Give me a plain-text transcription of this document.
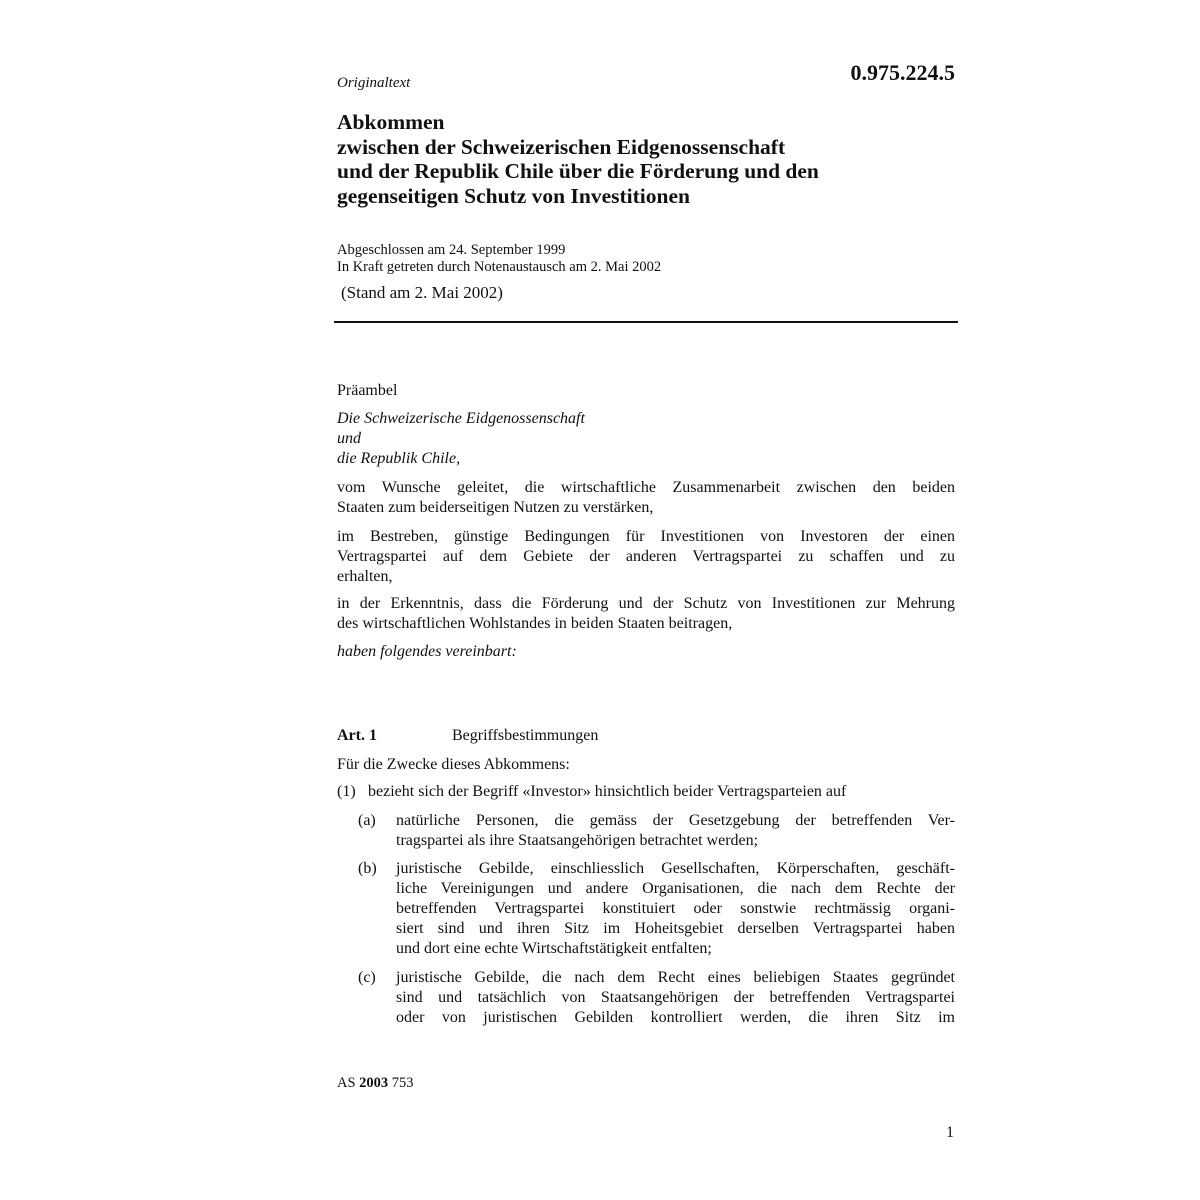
0.975.224.5
Originaltext
Abkommen
zwischen der Schweizerischen Eidgenossenschaft
und der Republik Chile über die Förderung und den
gegenseitigen Schutz von Investitionen
Abgeschlossen am 24. September 1999
In Kraft getreten durch Notenaustausch am 2. Mai 2002
(Stand am 2. Mai 2002)
Präambel
Die Schweizerische Eidgenossenschaft
und
die Republik Chile,
vom Wunsche geleitet, die wirtschaftliche Zusammenarbeit zwischen den beiden
Staaten zum beiderseitigen Nutzen zu verstärken,
im Bestreben, günstige Bedingungen für Investitionen von Investoren der einen
Vertragspartei auf dem Gebiete der anderen Vertragspartei zu schaffen und zu
erhalten,
in der Erkenntnis, dass die Förderung und der Schutz von Investitionen zur Mehrung
des wirtschaftlichen Wohlstandes in beiden Staaten beitragen,
haben folgendes vereinbart:
Art. 1	Begriffsbestimmungen
Für die Zwecke dieses Abkommens:
(1) bezieht sich der Begriff «Investor» hinsichtlich beider Vertragsparteien auf
(a) natürliche Personen, die gemäss der Gesetzgebung der betreffenden Ver-
tragspartei als ihre Staatsangehörigen betrachtet werden;
(b) juristische Gebilde, einschliesslich Gesellschaften, Körperschaften, geschäft-
liche Vereinigungen und andere Organisationen, die nach dem Rechte der
betreffenden Vertragspartei konstituiert oder sonstwie rechtmässig organi-
siert sind und ihren Sitz im Hoheitsgebiet derselben Vertragspartei haben
und dort eine echte Wirtschaftstätigkeit entfalten;
(c) juristische Gebilde, die nach dem Recht eines beliebigen Staates gegründet
sind und tatsächlich von Staatsangehörigen der betreffenden Vertragspartei
oder von juristischen Gebilden kontrolliert werden, die ihren Sitz im
AS 2003 753
1
